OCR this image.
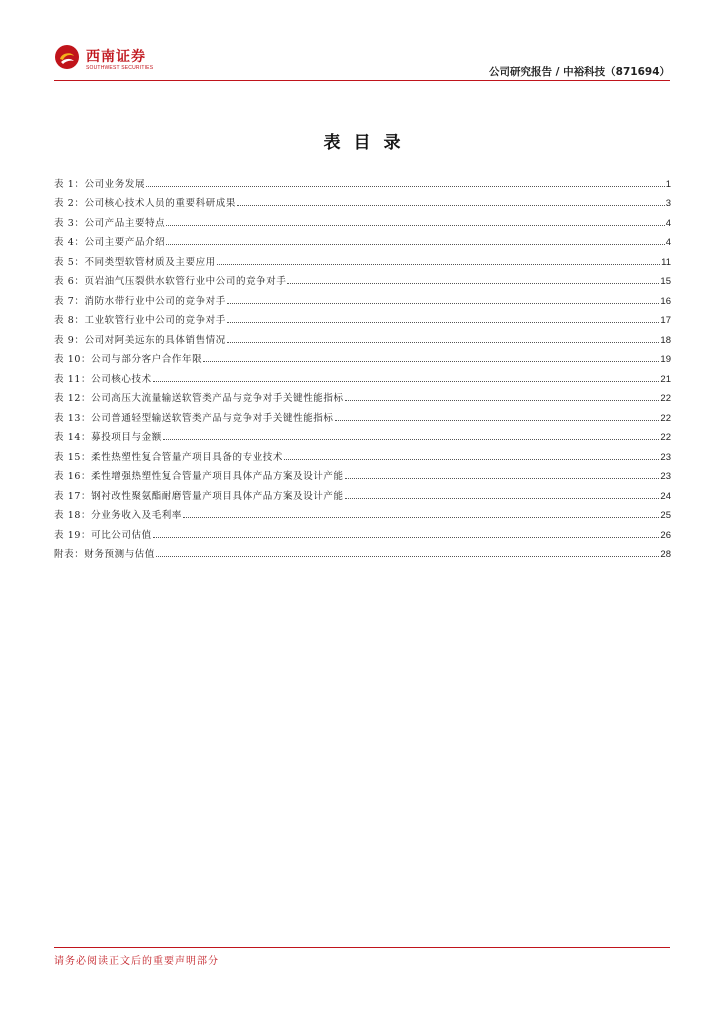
西南证券
SOUTHWEST SECURITIES	公司研究报告 / 中裕科技（871694）
表目录
表 1：公司业务发展	1
表 2：公司核心技术人员的重要科研成果	3
表 3：公司产品主要特点	4
表 4：公司主要产品介绍	4
表 5：不同类型软管材质及主要应用	11
表 6：页岩油气压裂供水软管行业中公司的竞争对手	15
表 7：消防水带行业中公司的竞争对手	16
表 8：工业软管行业中公司的竞争对手	17
表 9：公司对阿美远东的具体销售情况	18
表 10：公司与部分客户合作年限	19
表 11：公司核心技术	21
表 12：公司高压大流量输送软管类产品与竞争对手关键性能指标	22
表 13：公司普通轻型输送软管类产品与竞争对手关键性能指标	22
表 14：募投项目与金额	22
表 15：柔性热塑性复合管量产项目具备的专业技术	23
表 16：柔性增强热塑性复合管量产项目具体产品方案及设计产能	23
表 17：钢衬改性聚氨酯耐磨管量产项目具体产品方案及设计产能	24
表 18：分业务收入及毛利率	25
表 19：可比公司估值	26
附表：财务预测与估值	28
请务必阅读正文后的重要声明部分
